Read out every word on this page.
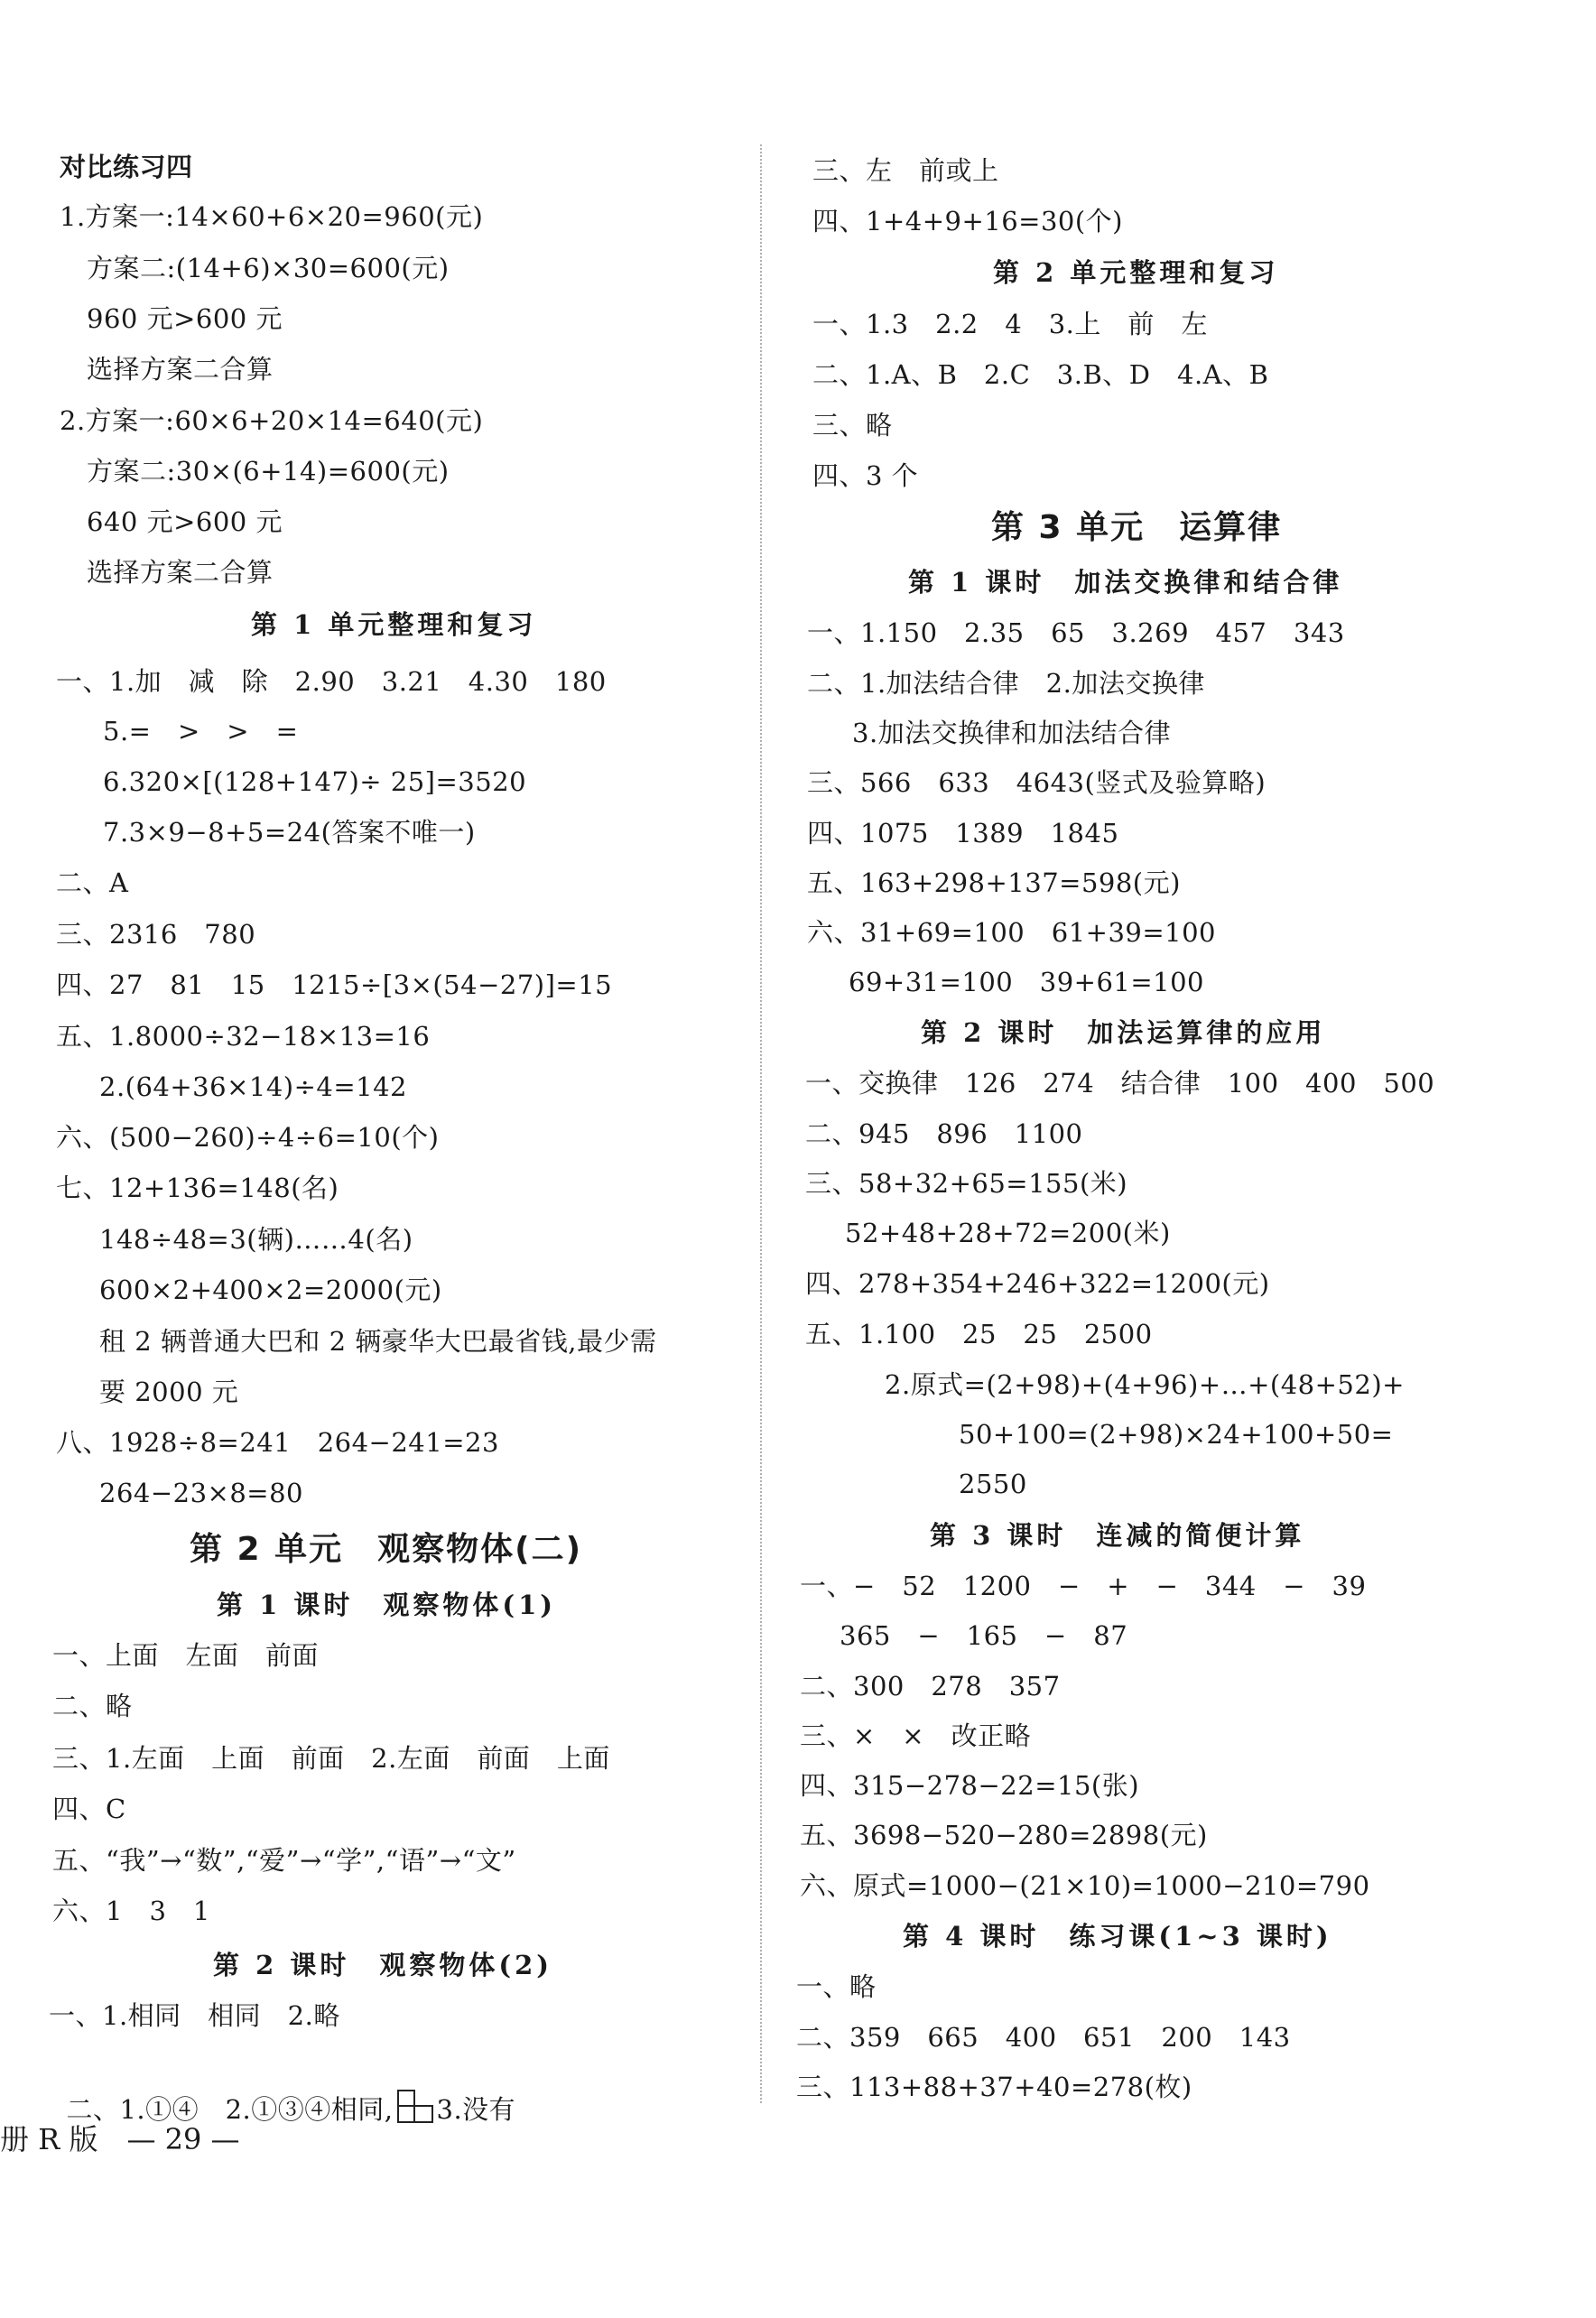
对比练习四
1.方案一:14×60+6×20=960(元)
方案二:(14+6)×30=600(元)
960 元>600 元
选择方案二合算
2.方案一:60×6+20×14=640(元)
方案二:30×(6+14)=600(元)
640 元>600 元
选择方案二合算
第 1 单元整理和复习
一、1.加　减　除　2.90　3.21　4.30　180
5.=　>　>　=
6.320×[(128+147)÷ 25]=3520
7.3×9−8+5=24(答案不唯一)
二、A
三、2316　780
四、27　81　15　1215÷[3×(54−27)]=15
五、1.8000÷32−18×13=16
2.(64+36×14)÷4=142
六、(500−260)÷4÷6=10(个)
七、12+136=148(名)
148÷48=3(辆)……4(名)
600×2+400×2=2000(元)
租 2 辆普通大巴和 2 辆豪华大巴最省钱,最少需
要 2000 元
八、1928÷8=241　264−241=23
264−23×8=80
第 2 单元　观察物体(二)
第 1 课时　观察物体(1)
一、上面　左面　前面
二、略
三、1.左面　上面　前面　2.左面　前面　上面
四、C
五、“我”→“数”,“爱”→“学”,“语”→“文”
六、1　3　1
第 2 课时　观察物体(2)
一、1.相同　相同　2.略
三、左　前或上
四、1+4+9+16=30(个)
第 2 单元整理和复习
一、1.3　2.2　4　3.上　前　左
二、1.A、B　2.C　3.B、D　4.A、B
三、略
四、3 个
第 3 单元　运算律
第 1 课时　加法交换律和结合律
一、1.150　2.35　65　3.269　457　343
二、1.加法结合律　2.加法交换律
3.加法交换律和加法结合律
三、566　633　4643(竖式及验算略)
四、1075　1389　1845
五、163+298+137=598(元)
六、31+69=100　61+39=100
69+31=100　39+61=100
第 2 课时　加法运算律的应用
一、交换律　126　274　结合律　100　400　500
二、945　896　1100
三、58+32+65=155(米)
52+48+28+72=200(米)
四、278+354+246+322=1200(元)
五、1.100　25　25　2500
2.原式=(2+98)+(4+96)+…+(48+52)+
50+100=(2+98)×24+100+50=
2550
第 3 课时　连减的简便计算
一、−　52　1200　−　+　−　344　−　39
365　−　165　−　87
二、300　278　357
三、×　×　改正略
四、315−278−22=15(张)
五、3698−520−280=2898(元)
六、原式=1000−(21×10)=1000−210=790
第 4 课时　练习课(1~3 课时)
一、略
二、359　665　400　651　200　143
三、113+88+37+40=278(枚)

二、1.①④　2.①③④相同, 3.没有

册 R 版　— 29 —
